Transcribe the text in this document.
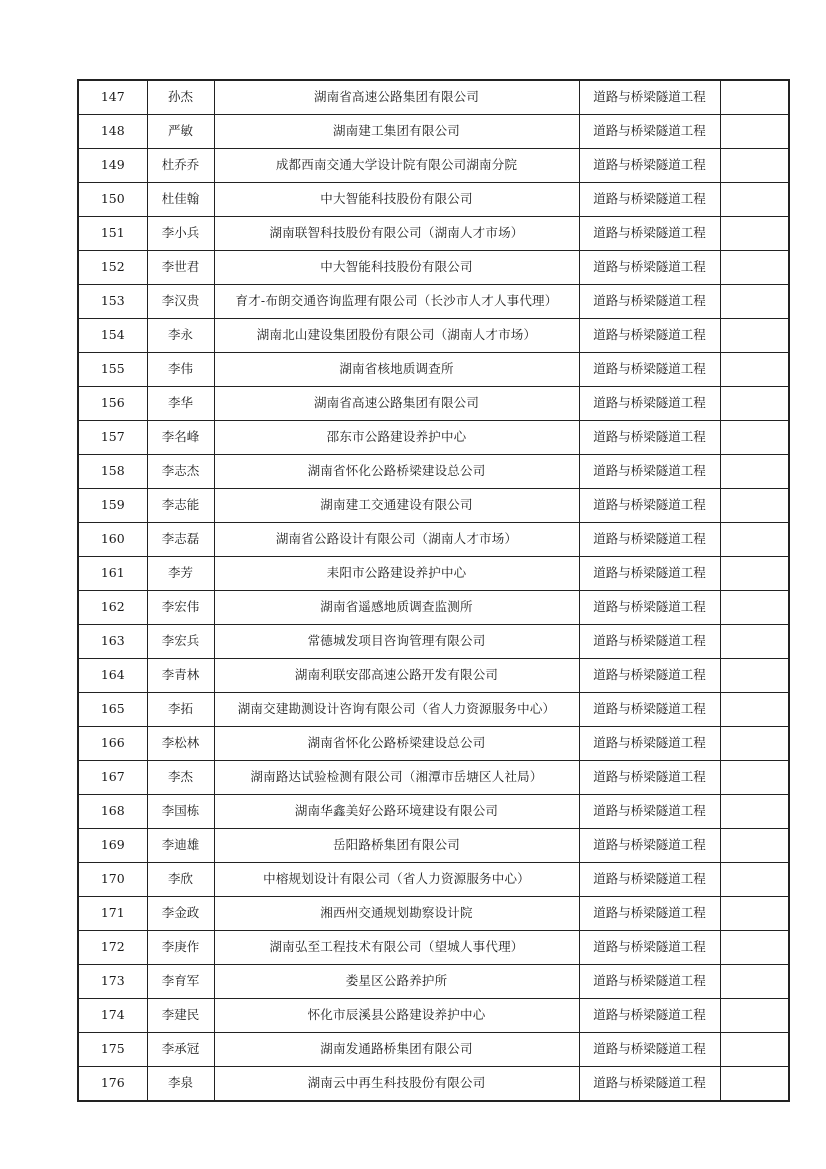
147	孙杰	湖南省高速公路集团有限公司	道路与桥梁隧道工程	
148	严敏	湖南建工集团有限公司	道路与桥梁隧道工程	
149	杜乔乔	成都西南交通大学设计院有限公司湖南分院	道路与桥梁隧道工程	
150	杜佳翰	中大智能科技股份有限公司	道路与桥梁隧道工程	
151	李小兵	湖南联智科技股份有限公司（湖南人才市场）	道路与桥梁隧道工程	
152	李世君	中大智能科技股份有限公司	道路与桥梁隧道工程	
153	李汉贵	育才-布朗交通咨询监理有限公司（长沙市人才人事代理）	道路与桥梁隧道工程	
154	李永	湖南北山建设集团股份有限公司（湖南人才市场）	道路与桥梁隧道工程	
155	李伟	湖南省核地质调查所	道路与桥梁隧道工程	
156	李华	湖南省高速公路集团有限公司	道路与桥梁隧道工程	
157	李名峰	邵东市公路建设养护中心	道路与桥梁隧道工程	
158	李志杰	湖南省怀化公路桥梁建设总公司	道路与桥梁隧道工程	
159	李志能	湖南建工交通建设有限公司	道路与桥梁隧道工程	
160	李志磊	湖南省公路设计有限公司（湖南人才市场）	道路与桥梁隧道工程	
161	李芳	耒阳市公路建设养护中心	道路与桥梁隧道工程	
162	李宏伟	湖南省遥感地质调查监测所	道路与桥梁隧道工程	
163	李宏兵	常德城发项目咨询管理有限公司	道路与桥梁隧道工程	
164	李青林	湖南利联安邵高速公路开发有限公司	道路与桥梁隧道工程	
165	李拓	湖南交建勘测设计咨询有限公司（省人力资源服务中心）	道路与桥梁隧道工程	
166	李松林	湖南省怀化公路桥梁建设总公司	道路与桥梁隧道工程	
167	李杰	湖南路达试验检测有限公司（湘潭市岳塘区人社局）	道路与桥梁隧道工程	
168	李国栋	湖南华鑫美好公路环境建设有限公司	道路与桥梁隧道工程	
169	李迪雄	岳阳路桥集团有限公司	道路与桥梁隧道工程	
170	李欣	中榕规划设计有限公司（省人力资源服务中心）	道路与桥梁隧道工程	
171	李金政	湘西州交通规划勘察设计院	道路与桥梁隧道工程	
172	李庚作	湖南弘至工程技术有限公司（望城人事代理）	道路与桥梁隧道工程	
173	李育军	娄星区公路养护所	道路与桥梁隧道工程	
174	李建民	怀化市辰溪县公路建设养护中心	道路与桥梁隧道工程	
175	李承冠	湖南发通路桥集团有限公司	道路与桥梁隧道工程	
176	李泉	湖南云中再生科技股份有限公司	道路与桥梁隧道工程	
